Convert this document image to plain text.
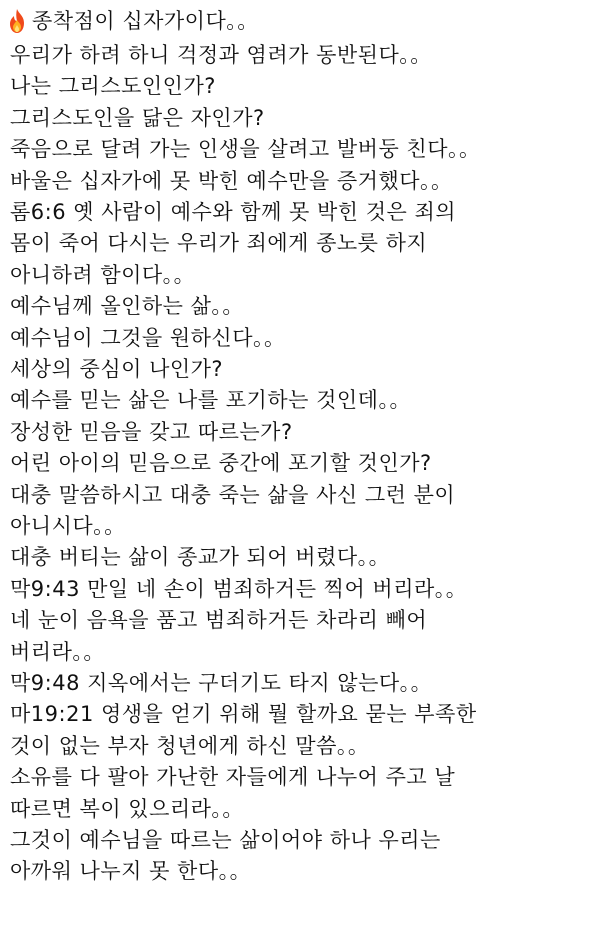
종착점이 십자가이다。。

우리가 하려 하니 걱정과 염려가 동반된다。。

나는 그리스도인인가?

그리스도인을 닮은 자인가?

죽음으로 달려 가는 인생을 살려고 발버둥 친다。。

바울은 십자가에 못 박힌 예수만을 증거했다。。

롬6:6 옛 사람이 예수와 함께 못 박힌 것은 죄의

몸이 죽어 다시는 우리가 죄에게 종노릇 하지

아니하려 함이다。。

예수님께 올인하는 삶。。

예수님이 그것을 원하신다。。

세상의 중심이 나인가?

예수를 믿는 삶은 나를 포기하는 것인데。。

장성한 믿음을 갖고 따르는가?

어린 아이의 믿음으로 중간에 포기할 것인가?

대충 말씀하시고 대충 죽는 삶을 사신 그런 분이

아니시다。。

대충 버티는 삶이 종교가 되어 버렸다。。

막9:43 만일 네 손이 범죄하거든 찍어 버리라。。

네 눈이 음욕을 품고 범죄하거든 차라리 빼어

버리라。。

막9:48 지옥에서는 구더기도 타지 않는다。。

마19:21 영생을 얻기 위해 뭘 할까요 묻는 부족한

것이 없는 부자 청년에게 하신 말씀。。

소유를 다 팔아 가난한 자들에게 나누어 주고 날

따르면 복이 있으리라。。

그것이 예수님을 따르는 삶이어야 하나 우리는

아까워 나누지 못 한다。。
